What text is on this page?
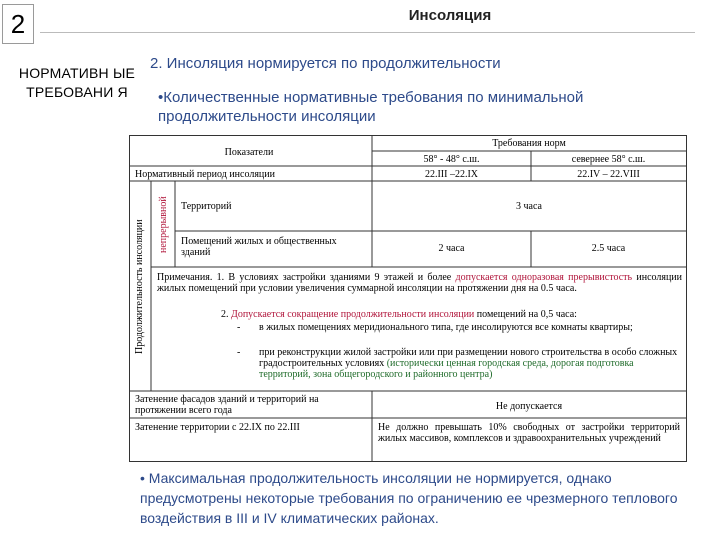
2	Инсоляция
НОРМАТИВН ЫЕ ТРЕБОВАНИ Я
2. Инсоляция нормируется по продолжительности
•Количественные нормативные требования по минимальной продолжительности инсоляции
Показатели
Требования норм
58° - 48° с.ш.	севернее 58° с.ш.
Нормативный период инсоляции	22.III –22.IX	22.IV – 22.VIII
Продолжительность инсоляции непрерывной Территорий	3 часа
Помещений жилых и общественных зданий	2 часа	2.5 часа
Примечания. 1. В условиях застройки зданиями 9 этажей и более допускается одноразовая прерывистость инсоляции жилых помещений при условии увеличения суммарной инсоляции на протяжении дня на 0.5 часа.
2. Допускается сокращение продолжительности инсоляции помещений на 0,5 часа:
-	в жилых помещениях меридионального типа, где инсолируются все комнаты квартиры;
-	при реконструкции жилой застройки или при размещении нового строительства в особо сложных градостроительных условиях (исторически ценная городская среда, дорогая подготовка территорий, зона общегородского и районного центра)
Затенение фасадов зданий и территорий на протяжении всего года	Не допускается
Затенение территории с 22.IX по 22.III	Не должно превышать 10% свободных от застройки территорий жилых массивов, комплексов и здравоохранительных учреждений
• Максимальная продолжительность инсоляции не нормируется, однако предусмотрены некоторые требования по ограничению ее чрезмерного теплового воздействия в III и IV климатических районах.
